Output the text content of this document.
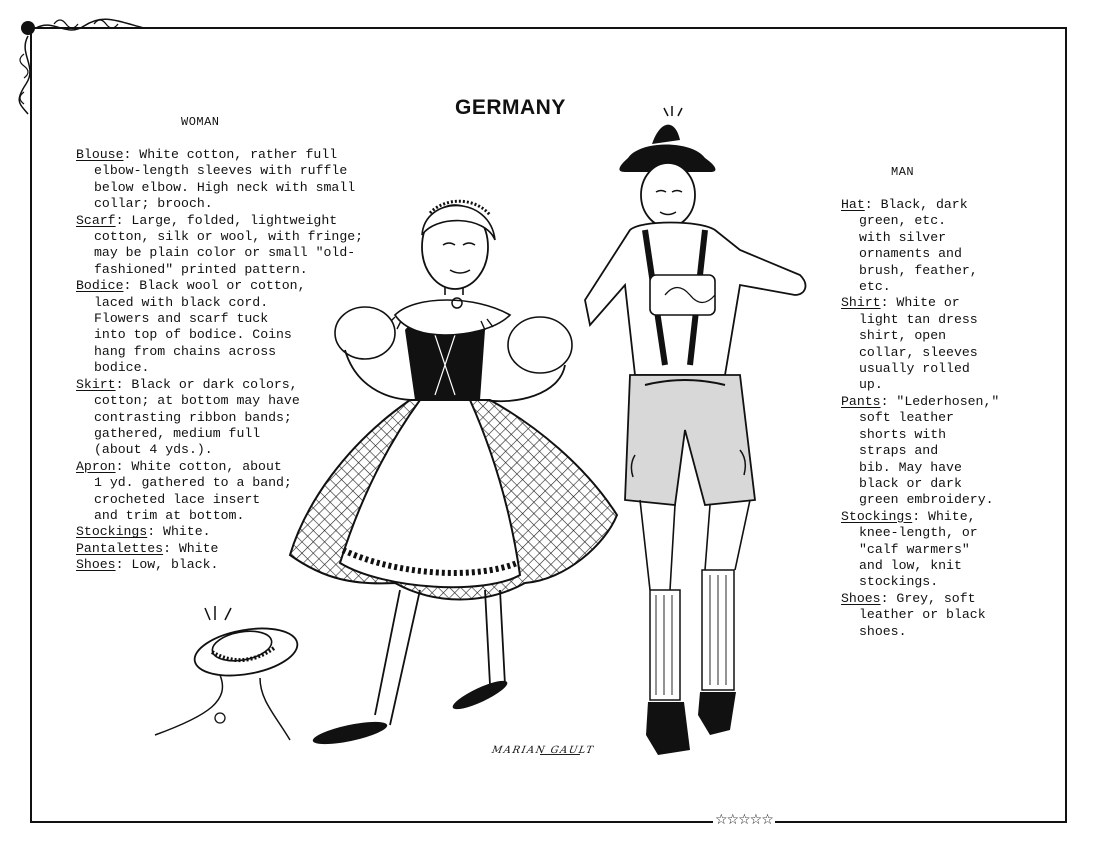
GERMANY
WOMAN
MAN
Blouse: White cotton, rather full
elbow-length sleeves with ruffle
below elbow. High neck with small
collar; brooch.
Scarf: Large, folded, lightweight
cotton, silk or wool, with fringe;
may be plain color or small "old-
fashioned" printed pattern.
Bodice: Black wool or cotton,
laced with black cord.
Flowers and scarf tuck
into top of bodice. Coins
hang from chains across
bodice.
Skirt: Black or dark colors,
cotton; at bottom may have
contrasting ribbon bands;
gathered, medium full
(about 4 yds.).
Apron: White cotton, about
1 yd. gathered to a band;
crocheted lace insert
and trim at bottom.
Stockings: White.
Pantalettes: White
Shoes: Low, black.
Hat: Black, dark
green, etc.
with silver
ornaments and
brush, feather,
etc.
Shirt: White or
light tan dress
shirt, open
collar, sleeves
usually rolled
up.
Pants: "Lederhosen,"
soft leather
shorts with
straps and
bib. May have
black or dark
green embroidery.
Stockings: White,
knee-length, or
"calf warmers"
and low, knit
stockings.
Shoes: Grey, soft
leather or black
shoes.
MARIAN GAULT
☆☆☆☆☆
